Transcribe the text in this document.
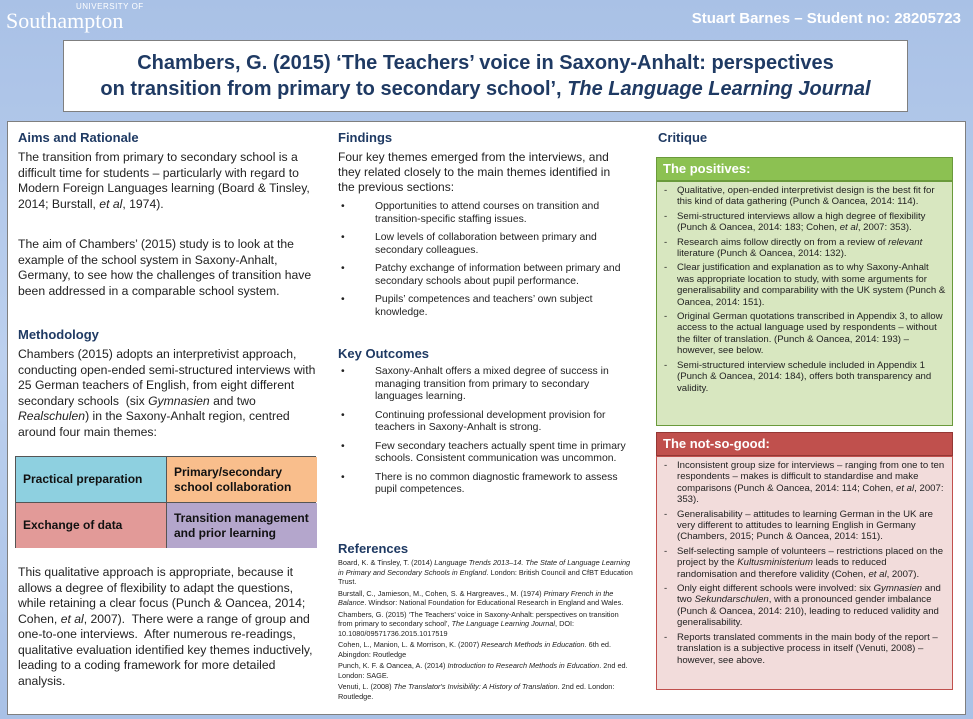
UNIVERSITY OF
Southampton	Stuart Barnes – Student no: 28205723
Chambers, G. (2015) ‘The Teachers’ voice in Saxony-Anhalt: perspectives
on transition from primary to secondary school’, The Language Learning Journal
Aims and Rationale

The transition from primary to secondary school is a difficult time for students – particularly with regard to Modern Foreign Languages learning (Board & Tinsley, 2014; Burstall, et al, 1974).

The aim of Chambers’ (2015) study is to look at the example of the school system in Saxony-Anhalt, Germany, to see how the challenges of transition have been addressed in a comparable school system.

Methodology

Chambers (2015) adopts an interpretivist approach, conducting open-ended semi-structured interviews with 25 German teachers of English, from eight different secondary schools  (six Gymnasien and two Realschulen) in the Saxony-Anhalt region, centred around four main themes:

This qualitative approach is appropriate, because it allows a degree of flexibility to adapt the questions, while retaining a clear focus (Punch & Oancea, 2014; Cohen, et al, 2007).  There were a range of group and one-to-one interviews.  After numerous re-readings, qualitative evaluation identified key themes inductively, leading to a coding framework for more detailed analysis.

Practical preparation
Primary/secondary school collaboration
Exchange of data
Transition management and prior learning
Findings

Four key themes emerged from the interviews, and they related closely to the main themes identified in the previous sections:

• Opportunities to attend courses on transition and transition-specific staffing issues.
• Low levels of collaboration between primary and secondary colleagues.
• Patchy exchange of information between primary and secondary schools about pupil performance.
• Pupils’ competences and teachers’ own subject knowledge.
Key Outcomes
• Saxony-Anhalt offers a mixed degree of success in managing transition from primary to secondary languages learning.
• Continuing professional development provision for teachers in Saxony-Anhalt is strong.
• Few secondary teachers actually spent time in primary schools. Consistent communication was uncommon.
• There is no common diagnostic framework to assess pupil competences.
References

Board, K. & Tinsley, T. (2014) Language Trends 2013–14. The State of Language Learning in Primary and Secondary Schools in England. London: British Council and CfBT Education Trust.

Burstall, C., Jamieson, M., Cohen, S. & Hargreaves., M. (1974) Primary French in the Balance. Windsor: National Foundation for Educational Research in England and Wales.

Chambers, G. (2015) ‘The Teachers’ voice in Saxony-Anhalt: perspectives on transition from primary to secondary school’, The Language Learning Journal, DOI: 10.1080/09571736.2015.1017519

Cohen, L., Manion, L. & Morrison, K. (2007) Research Methods in Education. 6th ed. Abingdon: Routledge

Punch, K. F. & Oancea, A. (2014) Introduction to Research Methods in Education. 2nd ed. London: SAGE.

Venuti, L. (2008) The Translator's Invisibility: A History of Translation. 2nd ed. London: Routledge.

Critique
The positives:
- Qualitative, open-ended interpretivist design is the best fit for this kind of data gathering (Punch & Oancea, 2014: 114).
- Semi-structured interviews allow a high degree of flexibility (Punch & Oancea, 2014: 183; Cohen, et al, 2007: 353).
- Research aims follow directly on from a review of relevant literature (Punch & Oancea, 2014: 132).
- Clear justification and explanation as to why Saxony-Anhalt was appropriate location to study, with some arguments for generalisability and comparability with the UK system (Punch & Oancea, 2014: 151).
- Original German quotations transcribed in Appendix 3, to allow access to the actual language used by respondents – without the filter of translation. (Punch & Oancea, 2014: 193) – however, see below.
- Semi-structured interview schedule included in Appendix 1 (Punch & Oancea, 2014: 184), offers both transparency and validity.
The not-so-good:
- Inconsistent group size for interviews – ranging from one to ten respondents – makes is difficult to standardise and make comparisons (Punch & Oancea, 2014: 114; Cohen, et al, 2007: 353).
- Generalisability – attitudes to learning German in the UK are very different to attitudes to learning English in Germany (Chambers, 2015; Punch & Oancea, 2014: 151).
- Self-selecting sample of volunteers – restrictions placed on the project by the Kultusministerium leads to reduced randomisation and therefore validity (Cohen, et al, 2007).
- Only eight different schools were involved: six Gymnasien and two Sekundarschulen, with a pronounced gender imbalance (Punch & Oancea, 2014: 210), leading to reduced validity and generalisability.
- Reports translated comments in the main body of the report – translation is a subjective process in itself (Venuti, 2008) – however, see above.
